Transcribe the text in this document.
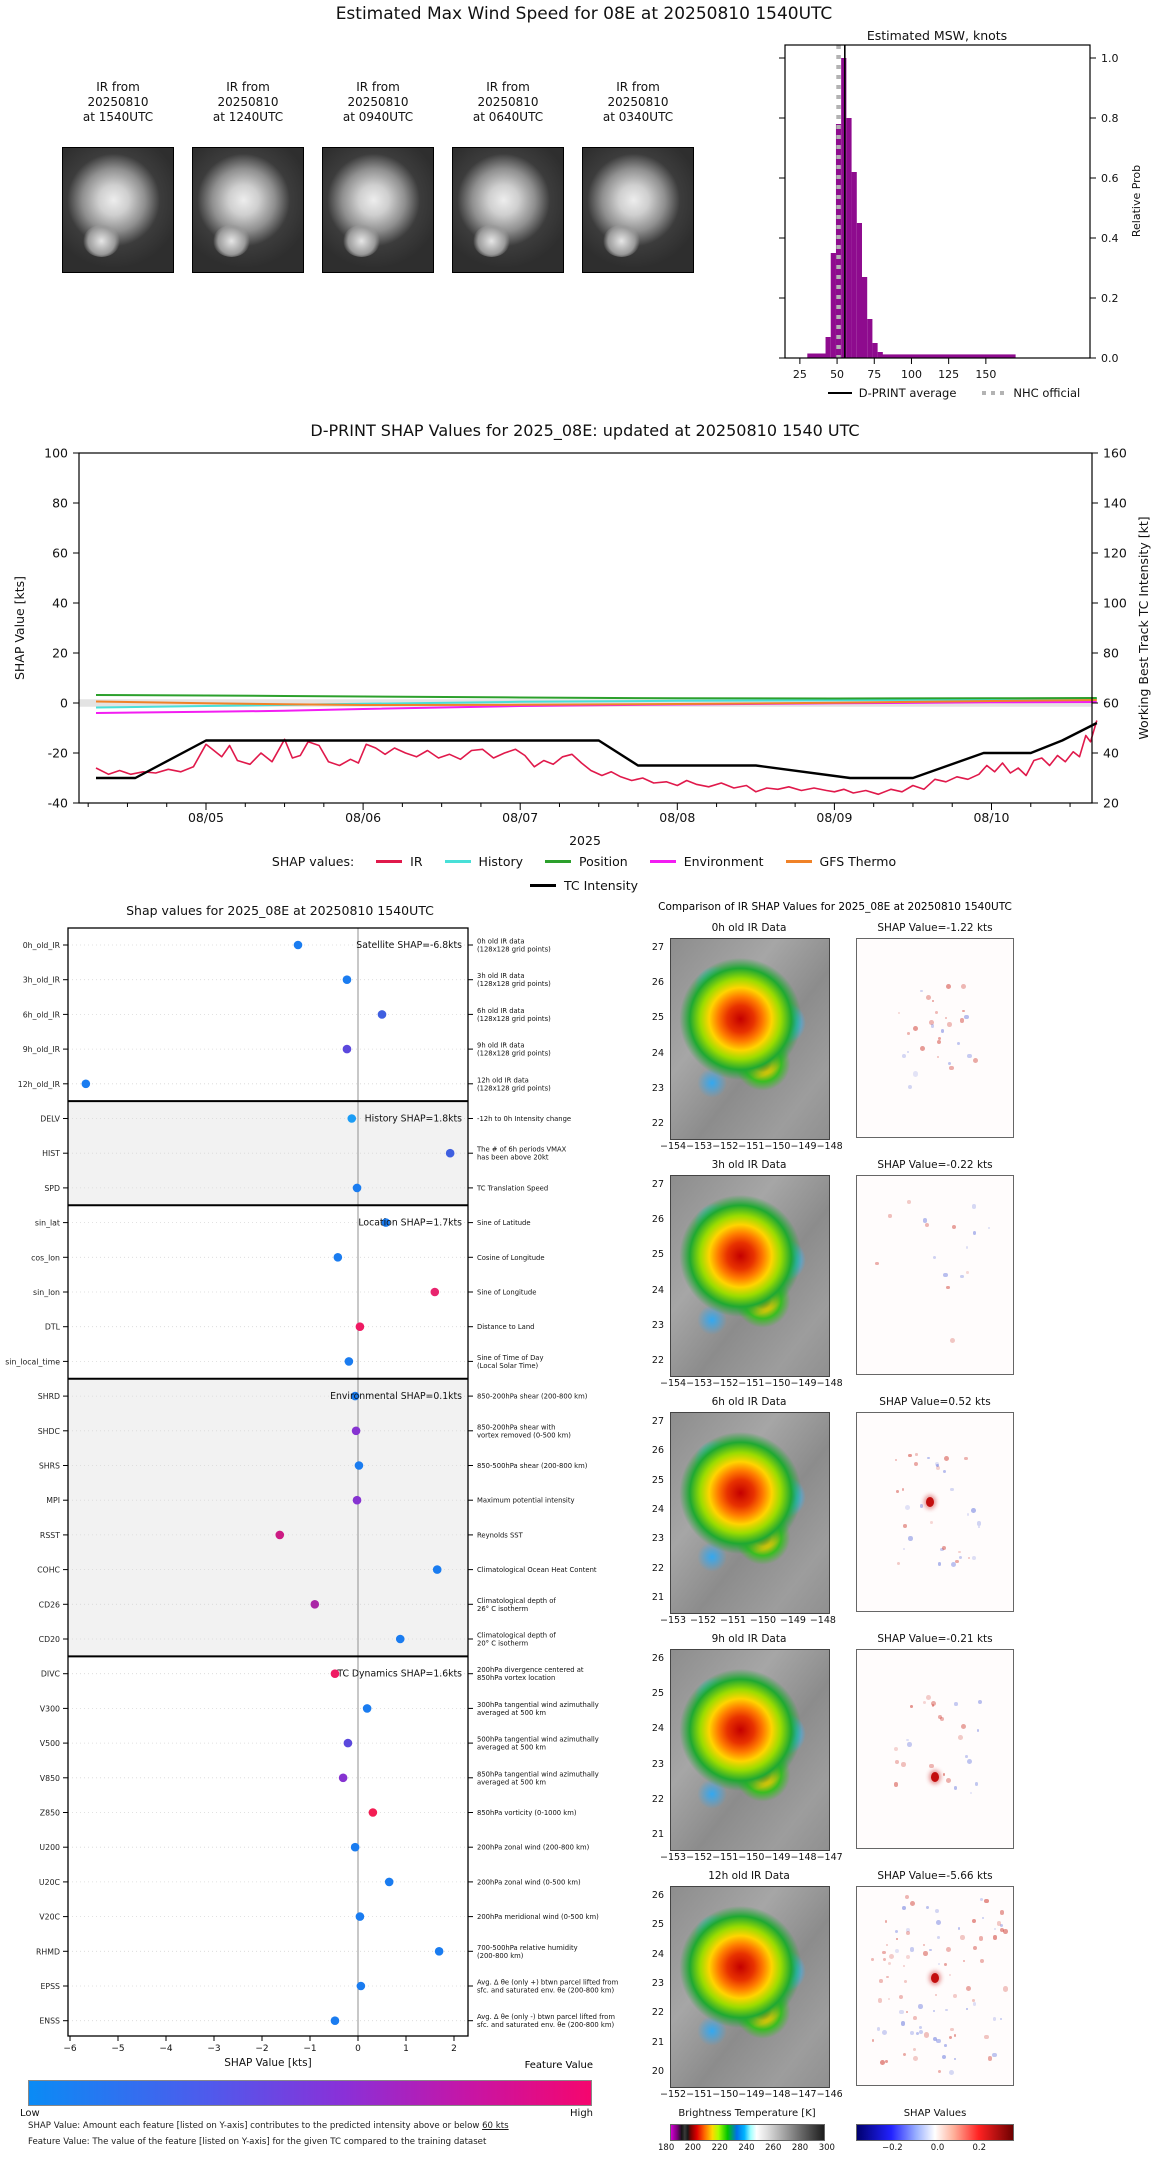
Estimated Max Wind Speed for 08E at 20250810 1540UTC
IR from
20250810
at 1540UTC
IR from
20250810
at 1240UTC
IR from
20250810
at 0940UTC
IR from
20250810
at 0640UTC
IR from
20250810
at 0340UTC
Estimated MSW, knots
25 50 75 100 125 150
0.0
0.2
0.4
0.6
0.8
1.0
Relative Prob
D-PRINT average	NHC official
D-PRINT SHAP Values for 2025_08E: updated at 20250810 1540 UTC
-40
-20
0
20
40
60
80
100
20
40
60
80
100
120
140
160
08/05	08/06	08/07	08/08	08/09	08/10
2025
SHAP Value [kts]	Working Best Track TC Intensity [kt]
SHAP values:	IR	History	Position	Environment	GFS Thermo
TC Intensity
Shap values for 2025_08E at 20250810 1540UTC
0h_old_IR	0h old IR data
(128x128 grid points)
3h_old_IR	3h old IR data
(128x128 grid points)
6h_old_IR	6h old IR data
(128x128 grid points)
9h_old_IR	9h old IR data
(128x128 grid points)
12h_old_IR	12h old IR data
(128x128 grid points)
DELV	-12h to 0h Intensity change
HIST	The # of 6h periods VMAX
has been above 20kt
SPD	TC Translation Speed
sin_lat	Sine of Latitude
cos_lon	Cosine of Longitude
sin_lon	Sine of Longitude
DTL	Distance to Land
sin_local_time	Sine of Time of Day
(Local Solar Time)
SHRD	850-200hPa shear (200-800 km)
SHDC	850-200hPa shear with
vortex removed (0-500 km)
SHRS	850-500hPa shear (200-800 km)
MPI	Maximum potential intensity
RSST	Reynolds SST
COHC	Climatological Ocean Heat Content
CD26	Climatological depth of
26° C isotherm
CD20	Climatological depth of
20° C isotherm
DIVC	200hPa divergence centered at
850hPa vortex location
V300	300hPa tangential wind azimuthally
averaged at 500 km
V500	500hPa tangential wind azimuthally
averaged at 500 km
V850	850hPa tangential wind azimuthally
averaged at 500 km
Z850	850hPa vorticity (0-1000 km)
U200	200hPa zonal wind (200-800 km)
U20C	200hPa zonal wind (0-500 km)
V20C	200hPa meridional wind (0-500 km)
RHMD	700-500hPa relative humidity
(200-800 km)
EPSS	Avg. Δ θe (only +) btwn parcel lifted from
sfc. and saturated env. θe (200-800 km)
ENSS	Avg. Δ θe (only -) btwn parcel lifted from
sfc. and saturated env. θe (200-800 km)
Satellite SHAP=-6.8kts
History SHAP=1.8kts
Location SHAP=1.7kts
Environmental SHAP=0.1kts
TC Dynamics SHAP=1.6kts
−6	−5	−4	−3	−2	−1	0	1	2
SHAP Value [kts]	Feature Value
Low	High
SHAP Value: Amount each feature [listed on Y-axis] contributes to the predicted intensity above or below 60 kts
Feature Value: The value of the feature [listed on Y-axis] for the given TC compared to the training dataset
Comparison of IR SHAP Values for 2025_08E at 20250810 1540UTC
0h old IR Data	SHAP Value=-1.22 kts
27
26
25
24
23
22
−154 −153 −152 −151 −150 −149 −148
3h old IR Data	SHAP Value=-0.22 kts
27
26
25
24
23
22
−154 −153 −152 −151 −150 −149 −148
6h old IR Data	SHAP Value=0.52 kts
27
26
25
24
23
22
21
−153 −152 −151 −150 −149 −148
9h old IR Data	SHAP Value=-0.21 kts
26
25
24
23
22
21
−153 −152 −151 −150 −149 −148 −147
12h old IR Data	SHAP Value=-5.66 kts
26
25
24
23
22
21
20
−152 −151 −150 −149 −148 −147 −146
Brightness Temperature [K]
180 200 220 240 260 280 300
SHAP Values
−0.2	0.0	0.2
